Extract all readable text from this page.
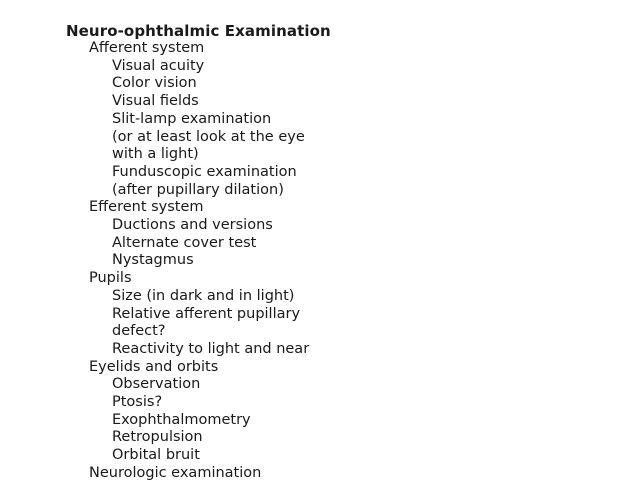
Neuro-ophthalmic Examination
Afferent system
Visual acuity
Color vision
Visual fields
Slit-lamp examination
(or at least look at the eye
with a light)
Funduscopic examination
(after pupillary dilation)
Efferent system
Ductions and versions
Alternate cover test
Nystagmus
Pupils
Size (in dark and in light)
Relative afferent pupillary
defect?
Reactivity to light and near
Eyelids and orbits
Observation
Ptosis?
Exophthalmometry
Retropulsion
Orbital bruit
Neurologic examination
